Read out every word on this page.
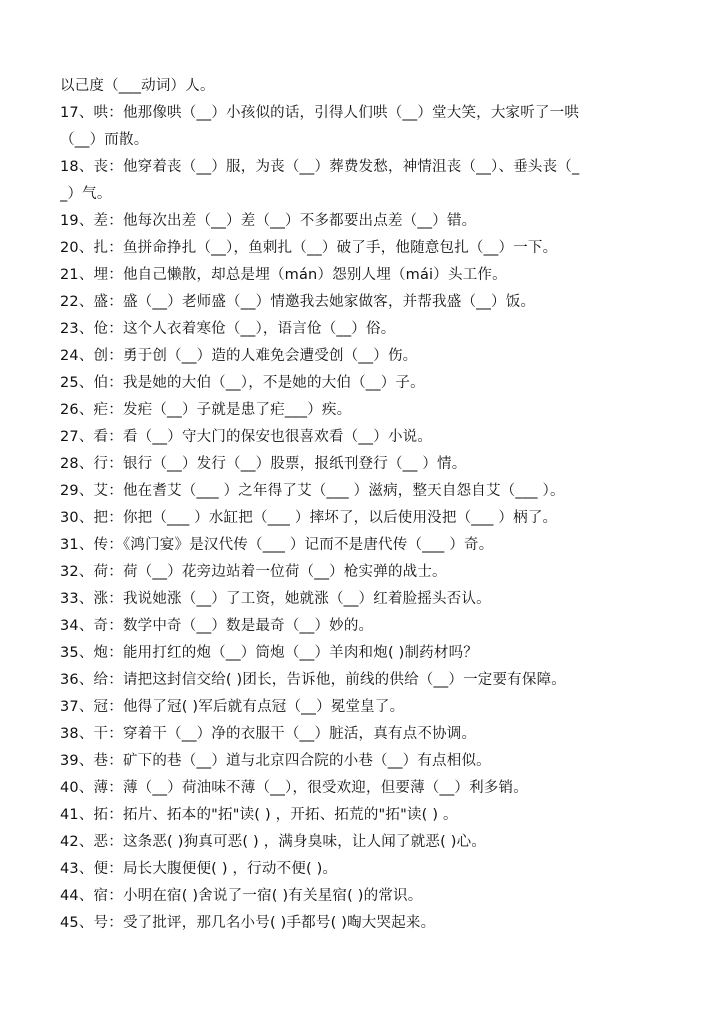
以己度（___动词）人。
17、哄：他那像哄（__）小孩似的话，引得人们哄（__）堂大笑，大家听了一哄
（__）而散。
18、丧：他穿着丧（__）服，为丧（__）葬费发愁，神情沮丧（__）、垂头丧（_
_）气。
19、差：他每次出差（__）差（__）不多都要出点差（__）错。
20、扎：鱼拼命挣扎（__），鱼刺扎（__）破了手，他随意包扎（__）一下。
21、埋：他自己懒散，却总是埋（mán）怨别人埋（mái）头工作。
22、盛：盛（__）老师盛（__）情邀我去她家做客，并帮我盛（__）饭。
23、伧：这个人衣着寒伧（__），语言伧（__）俗。
24、创：勇于创（__）造的人难免会遭受创（__）伤。
25、伯：我是她的大伯（__），不是她的大伯（__）子。
26、疟：发疟（__）子就是患了疟___）疾。
27、看：看（__）守大门的保安也很喜欢看（__）小说。
28、行：银行（__）发行（__）股票，报纸刊登行（__ ）情。
29、艾：他在耆艾（___ ）之年得了艾（___ ）滋病，整天自怨自艾（___ ）。
30、把：你把（___ ）水缸把（___ ）摔坏了，以后使用没把（___ ）柄了。
31、传：《鸿门宴》是汉代传（___ ）记而不是唐代传（___ ）奇。
32、荷：荷（__）花旁边站着一位荷（__）枪实弹的战士。
33、涨：我说她涨（__）了工资，她就涨（__）红着脸摇头否认。
34、奇：数学中奇（__）数是最奇（__）妙的。
35、炮：能用打红的炮（__）筒炮（__）羊肉和炮( )制药材吗？
36、给：请把这封信交给( )团长，告诉他，前线的供给（__）一定要有保障。
37、冠：他得了冠( )军后就有点冠（__）冕堂皇了。
38、干：穿着干（__）净的衣服干（__）脏活，真有点不协调。
39、巷：矿下的巷（__）道与北京四合院的小巷（__）有点相似。
40、薄：薄（__）荷油味不薄（__），很受欢迎，但要薄（__）利多销。
41、拓：拓片、拓本的"拓"读( ) ，开拓、拓荒的"拓"读( ) 。
42、恶：这条恶( )狗真可恶( ) ，满身臭味，让人闻了就恶( )心。
43、便：局长大腹便便( ) ，行动不便( )。
44、宿：小明在宿( )舍说了一宿( )有关星宿( )的常识。
45、号：受了批评，那几名小号( )手都号( )啕大哭起来。
